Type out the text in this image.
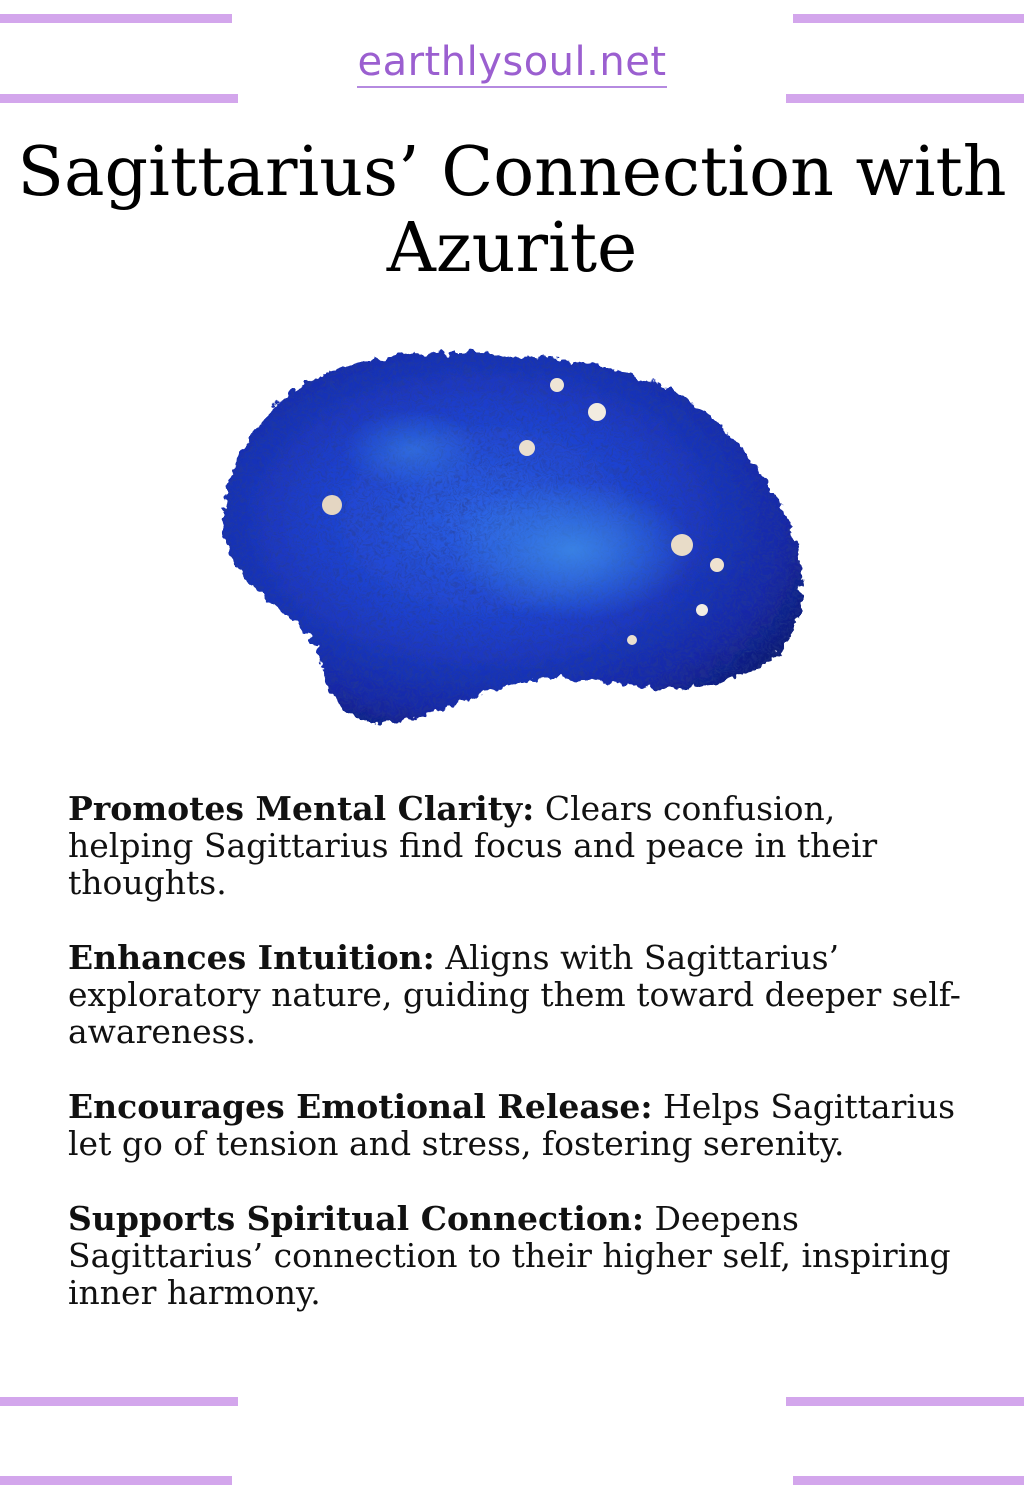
earthlysoul.net
Sagittarius’ Connection with Azurite
Promotes Mental Clarity: Clears confusion, helping Sagittarius find focus and peace in their thoughts.
Enhances Intuition: Aligns with Sagittarius’ exploratory nature, guiding them toward deeper self-awareness.
Encourages Emotional Release: Helps Sagittarius let go of tension and stress, fostering serenity.
Supports Spiritual Connection: Deepens Sagittarius’ connection to their higher self, inspiring inner harmony.
